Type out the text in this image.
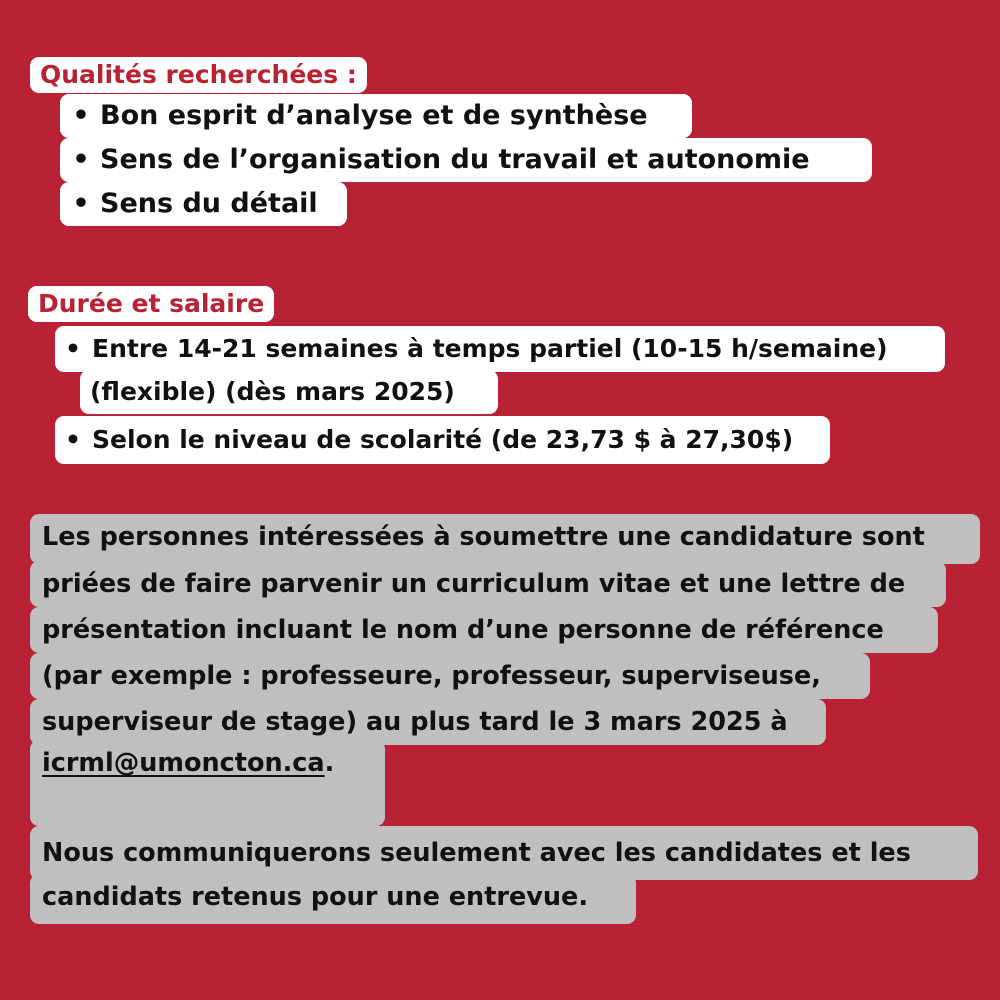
Qualités recherchées :
• Bon esprit d’analyse et de synthèse
• Sens de l’organisation du travail et autonomie
• Sens du détail
Durée et salaire
• Entre 14-21 semaines à temps partiel (10-15 h/semaine)
(flexible) (dès mars 2025)
• Selon le niveau de scolarité (de 23,73 $ à 27,30$)
Les personnes intéressées à soumettre une candidature sont
priées de faire parvenir un curriculum vitae et une lettre de
présentation incluant le nom d’une personne de référence
(par exemple : professeure, professeur, superviseuse,
superviseur de stage) au plus tard le 3 mars 2025 à
icrml@umoncton.ca.
Nous communiquerons seulement avec les candidates et les
candidats retenus pour une entrevue.
